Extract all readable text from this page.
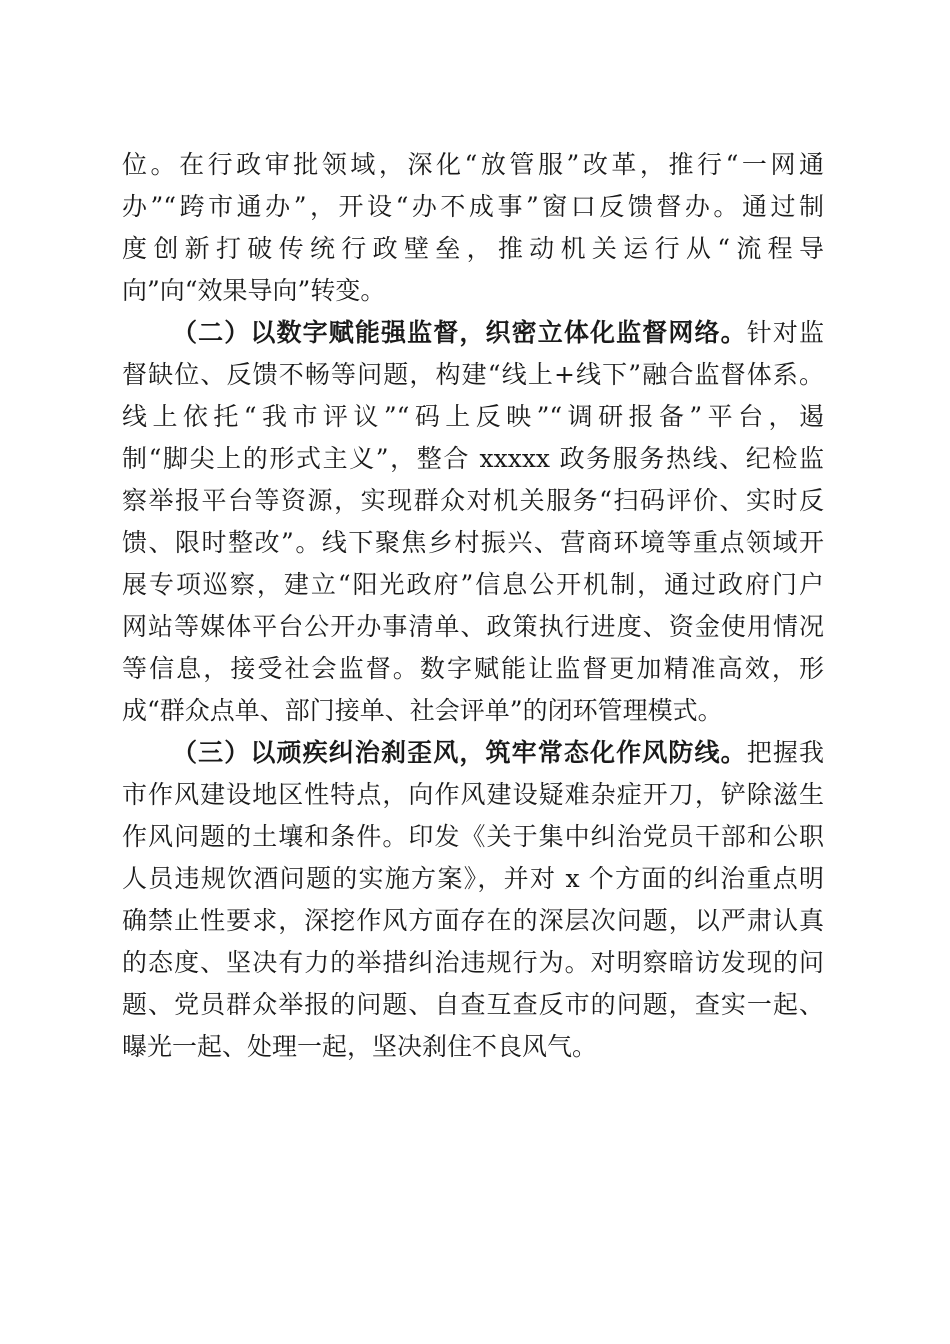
位。在行政审批领域，深化“放管服”改革，推行“一网通
办”“跨市通办”，开设“办不成事”窗口反馈督办。通过制
度创新打破传统行政壁垒，推动机关运行从“流程导
向”向“效果导向”转变。
（二）以数字赋能强监督，织密立体化监督网络。针对监
督缺位、反馈不畅等问题，构建“线上+线下”融合监督体系。
线上依托“我市评议”“码上反映”“调研报备”平台，遏
制“脚尖上的形式主义”，整合 xxxxx 政务服务热线、纪检监
察举报平台等资源，实现群众对机关服务“扫码评价、实时反
馈、限时整改”。线下聚焦乡村振兴、营商环境等重点领域开
展专项巡察，建立“阳光政府”信息公开机制，通过政府门户
网站等媒体平台公开办事清单、政策执行进度、资金使用情况
等信息，接受社会监督。数字赋能让监督更加精准高效，形
成“群众点单、部门接单、社会评单”的闭环管理模式。
（三）以顽疾纠治刹歪风，筑牢常态化作风防线。把握我
市作风建设地区性特点，向作风建设疑难杂症开刀，铲除滋生
作风问题的土壤和条件。印发《关于集中纠治党员干部和公职
人员违规饮酒问题的实施方案》，并对 x 个方面的纠治重点明
确禁止性要求，深挖作风方面存在的深层次问题，以严肃认真
的态度、坚决有力的举措纠治违规行为。对明察暗访发现的问
题、党员群众举报的问题、自查互查反市的问题，查实一起、
曝光一起、处理一起，坚决刹住不良风气。
